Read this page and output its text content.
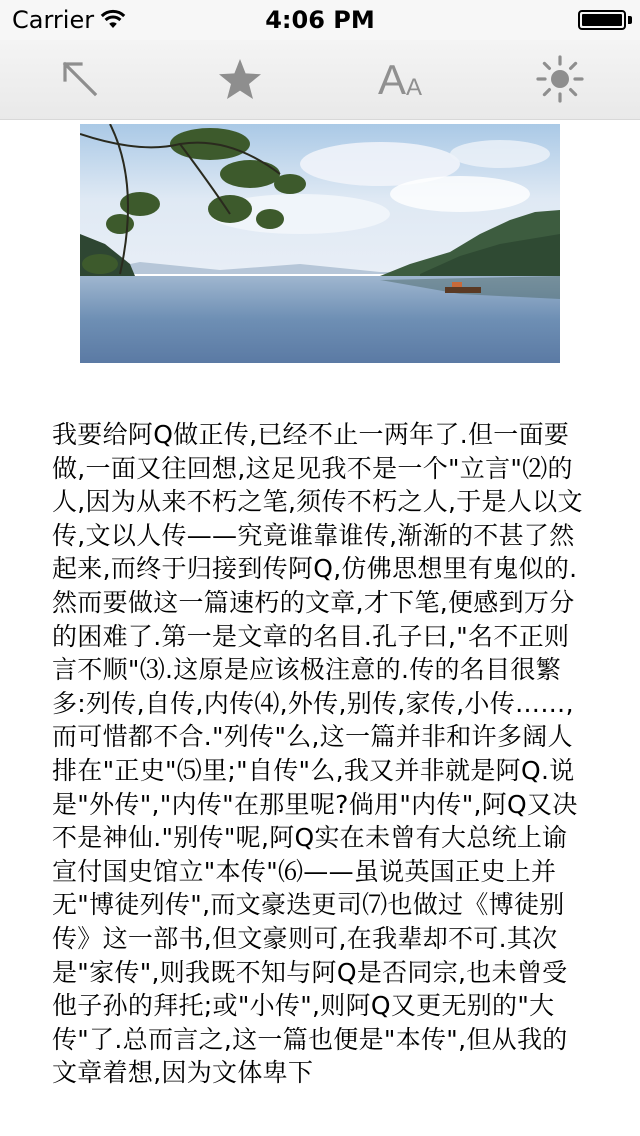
Carrier	4:06 PM
A A

我要给阿Q做正传,已经不止一两年了.但一面要做,一面又往回想,这足见我不是一个"立言"⑵的人,因为从来不朽之笔,须传不朽之人,于是人以文传,文以人传——究竟谁靠谁传,渐渐的不甚了然起来,而终于归接到传阿Q,仿佛思想里有鬼似的.

然而要做这一篇速朽的文章,才下笔,便感到万分的困难了.第一是文章的名目.孔子曰,"名不正则言不顺"⑶.这原是应该极注意的.传的名目很繁多:列传,自传,内传⑷,外传,别传,家传,小传……,而可惜都不合."列传"么,这一篇并非和许多阔人排在"正史"⑸里;"自传"么,我又并非就是阿Q.说是"外传","内传"在那里呢?倘用"内传",阿Q又决不是神仙."别传"呢,阿Q实在未曾有大总统上谕宣付国史馆立"本传"⑹——虽说英国正史上并无"博徒列传",而文豪迭更司⑺也做过《博徒别传》这一部书,但文豪则可,在我辈却不可.其次是"家传",则我既不知与阿Q是否同宗,也未曾受他子孙的拜托;或"小传",则阿Q又更无别的"大传"了.总而言之,这一篇也便是"本传",但从我的文章着想,因为文体卑下
